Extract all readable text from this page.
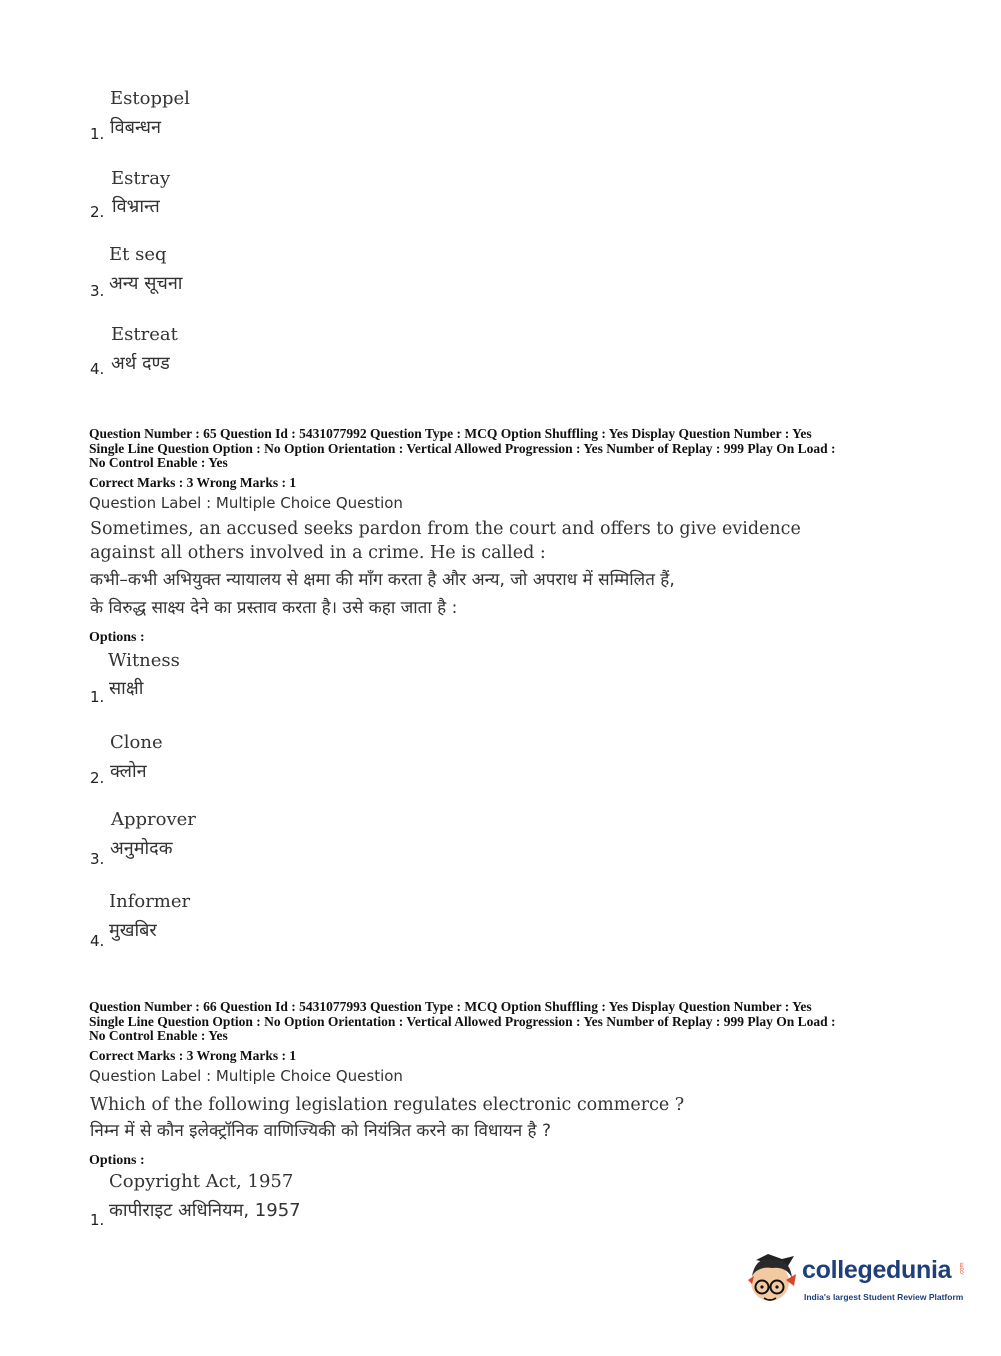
Estoppel
1. विबन्धन
Estray
2. विभ्रान्त
Et seq
3. अन्य सूचना
Estreat
4. अर्थ दण्ड
Question Number : 65 Question Id : 5431077992 Question Type : MCQ Option Shuffling : Yes Display Question Number : Yes
Single Line Question Option : No Option Orientation : Vertical Allowed Progression : Yes Number of Replay : 999 Play On Load :
No Control Enable : Yes
Correct Marks : 3 Wrong Marks : 1
Question Label : Multiple Choice Question
Sometimes, an accused seeks pardon from the court and offers to give evidence
against all others involved in a crime. He is called :
कभी–कभी अभियुक्त न्यायालय से क्षमा की माँग करता है और अन्य, जो अपराध में सम्मिलित हैं,
के विरुद्ध साक्ष्य देने का प्रस्ताव करता है। उसे कहा जाता है :
Options :
Witness
1. साक्षी
Clone
2. क्लोन
Approver
3. अनुमोदक
Informer
4. मुखबिर
Question Number : 66 Question Id : 5431077993 Question Type : MCQ Option Shuffling : Yes Display Question Number : Yes
Single Line Question Option : No Option Orientation : Vertical Allowed Progression : Yes Number of Replay : 999 Play On Load :
No Control Enable : Yes
Correct Marks : 3 Wrong Marks : 1
Question Label : Multiple Choice Question
Which of the following legislation regulates electronic commerce ?
निम्न में से कौन इलेक्ट्रॉनिक वाणिज्यिकी को नियंत्रित करने का विधायन है ?
Options :
Copyright Act, 1957
1. कापीराइट अधिनियम, 1957
collegedunia .com
India's largest Student Review Platform
